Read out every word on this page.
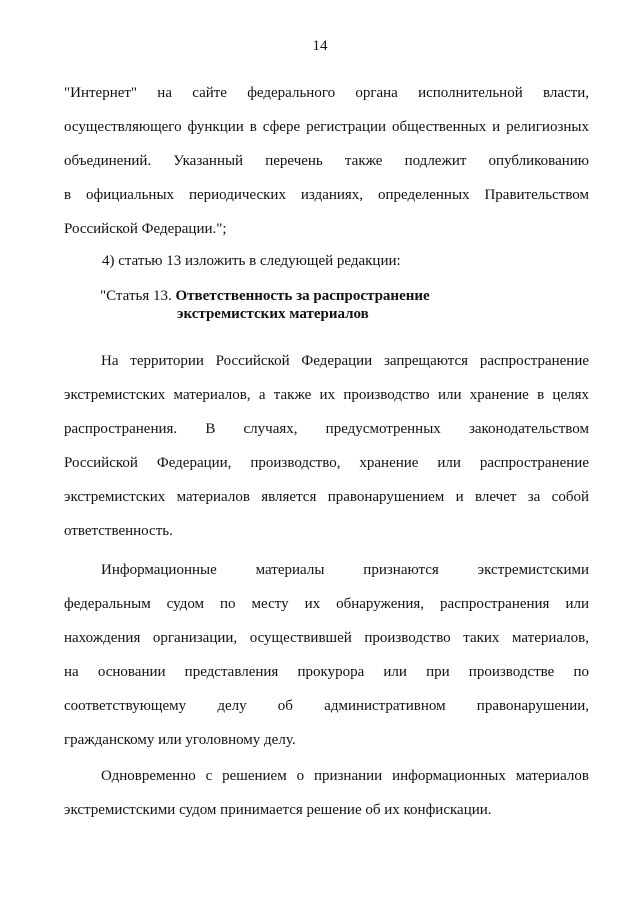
14
"Интернет" на сайте федерального органа исполнительной власти,
осуществляющего функции в сфере регистрации общественных и религиозных
объединений. Указанный перечень также подлежит опубликованию
в официальных периодических изданиях, определенных Правительством
Российской Федерации.";
4) статью 13 изложить в следующей редакции:
"Статья 13. Ответственность за распространение
экстремистских материалов
На территории Российской Федерации запрещаются распространение
экстремистских материалов, а также их производство или хранение в целях
распространения. В случаях, предусмотренных законодательством
Российской Федерации, производство, хранение или распространение
экстремистских материалов является правонарушением и влечет за собой
ответственность.
Информационные материалы признаются экстремистскими
федеральным судом по месту их обнаружения, распространения или
нахождения организации, осуществившей производство таких материалов,
на основании представления прокурора или при производстве по
соответствующему делу об административном правонарушении,
гражданскому или уголовному делу.
Одновременно с решением о признании информационных материалов
экстремистскими судом принимается решение об их конфискации.
